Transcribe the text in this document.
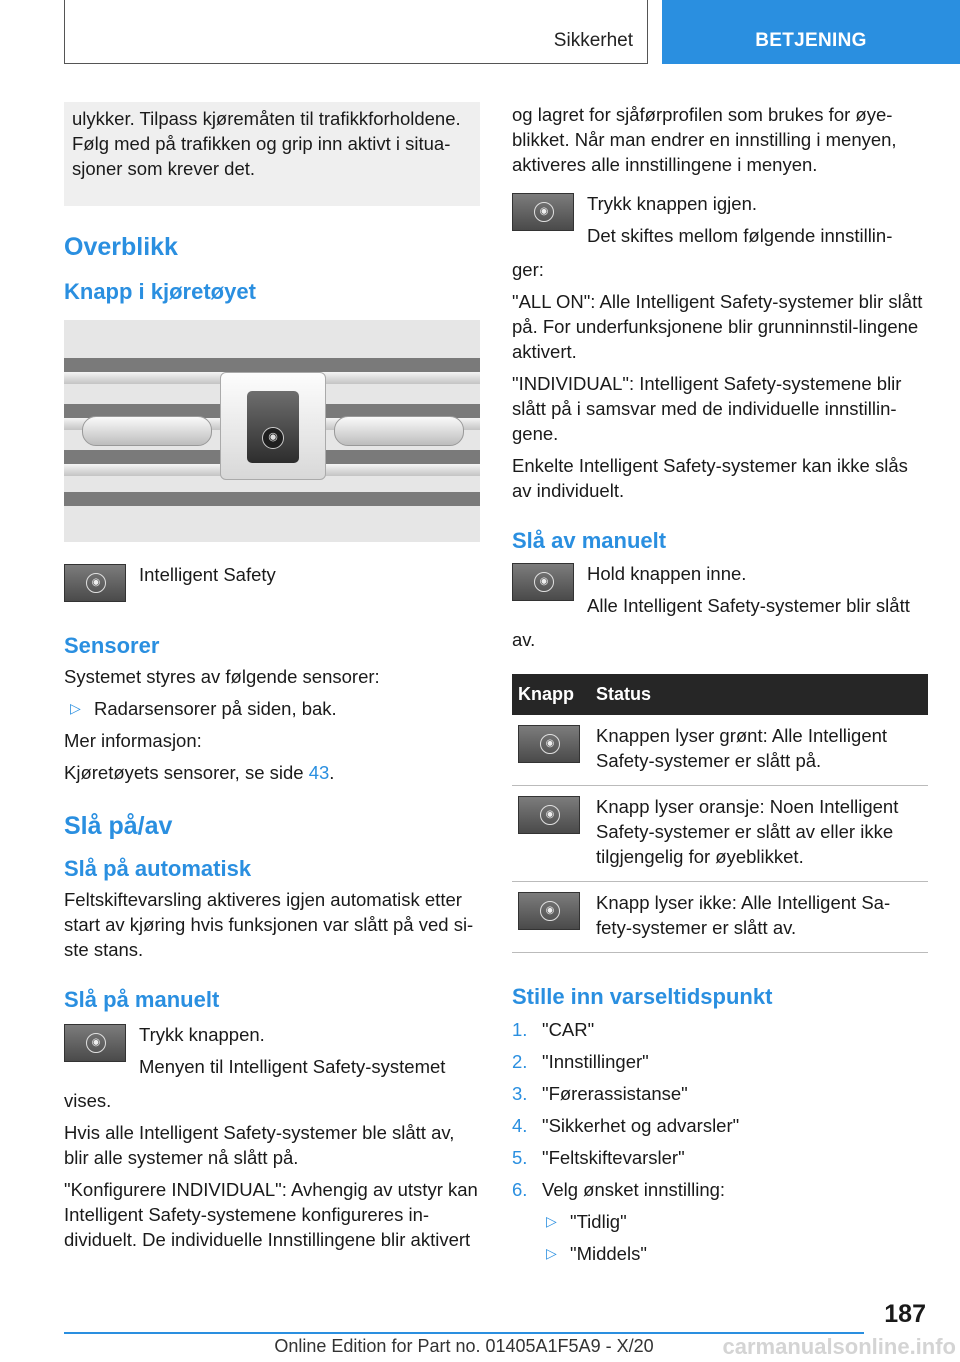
Sikkerhet	BETJENING

ulykker. Tilpass kjøremåten til trafikkforholdene. Følg med på trafikken og grip inn aktivt i situa-sjoner som krever det.

Overblikk
Knapp i kjøretøyet
◉
◉	Intelligent Safety

Sensorer

Systemet styres av følgende sensorer:

▷ Radarsensorer på siden, bak.

Mer informasjon:

Kjøretøyets sensorer, se side 43.

Slå på/av
Slå på automatisk

Feltskiftevarsling aktiveres igjen automatisk etter start av kjøring hvis funksjonen var slått på ved si-ste stans.

Slå på manuelt
◉	Trykk knappen.

Menyen til Intelligent Safety-systemet

vises.

Hvis alle Intelligent Safety-systemer ble slått av, blir alle systemer nå slått på.

"Konfigurere INDIVIDUAL": Avhengig av utstyr kan Intelligent Safety-systemene konfigureres in-dividuelt. De individuelle Innstillingene blir aktivert

og lagret for sjåførprofilen som brukes for øye-blikket. Når man endrer en innstilling i menyen, aktiveres alle innstillingene i menyen.

◉	Trykk knappen igjen.

Det skiftes mellom følgende innstillin-

ger:

"ALL ON": Alle Intelligent Safety-systemer blir slått på. For underfunksjonene blir grunninnstil-lingene aktivert.

"INDIVIDUAL": Intelligent Safety-systemene blir slått på i samsvar med de individuelle innstillin-gene.

Enkelte Intelligent Safety-systemer kan ikke slås av individuelt.

Slå av manuelt
◉	Hold knappen inne.

Alle Intelligent Safety-systemer blir slått

av.

Knapp	Status

◉	Knappen lyser grønt: Alle Intelligent Safety-systemer er slått på.

◉	Knapp lyser oransje: Noen Intelligent Safety-systemer er slått av eller ikke tilgjengelig for øyeblikket.

◉	Knapp lyser ikke: Alle Intelligent Sa-fety-systemer er slått av.
Stille inn varseltidspunkt
1. "CAR"
2. "Innstillinger"
3. "Førerassistanse"
4. "Sikkerhet og advarsler"
5. "Feltskiftevarsler"
6. Velg ønsket innstilling:

▷ "Tidlig"

▷ "Middels"

187
Online Edition for Part no. 01405A1F5A9 - X/20	carmanualsonline.info
